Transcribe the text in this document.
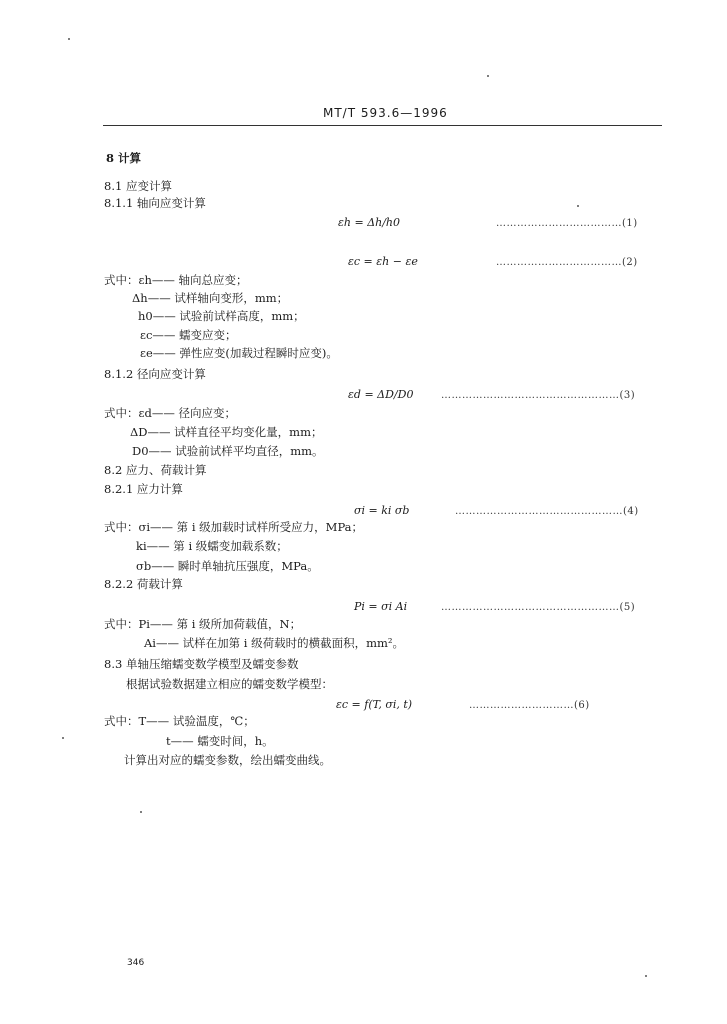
MT/T 593.6—1996
8 计算
8.1 应变计算
8.1.1 轴向应变计算
εh = Δh/h0	………………………………(1)
εc = εh − εe	………………………………(2)
式中：εh—— 轴向总应变；
Δh—— 试样轴向变形，mm；
h0—— 试验前试样高度，mm；
εc—— 蠕变应变；
εe—— 弹性应变(加载过程瞬时应变)。
8.1.2 径向应变计算
εd = ΔD/D0	……………………………………………(3)
式中：εd—— 径向应变；
ΔD—— 试样直径平均变化量，mm；
D0—— 试验前试样平均直径，mm。
8.2 应力、荷载计算
8.2.1 应力计算
σi = ki σb	…………………………………………(4)
式中：σi—— 第 i 级加载时试样所受应力，MPa；
ki—— 第 i 级蠕变加载系数；
σb—— 瞬时单轴抗压强度，MPa。
8.2.2 荷载计算
Pi = σi Ai	……………………………………………(5)
式中：Pi—— 第 i 级所加荷载值，N；
Ai—— 试样在加第 i 级荷载时的横截面积，mm²。
8.3 单轴压缩蠕变数学模型及蠕变参数
根据试验数据建立相应的蠕变数学模型：
εc = f(T, σi, t)	…………………………(6)
式中：T—— 试验温度，℃；
t—— 蠕变时间，h。
计算出对应的蠕变参数，绘出蠕变曲线。
346
